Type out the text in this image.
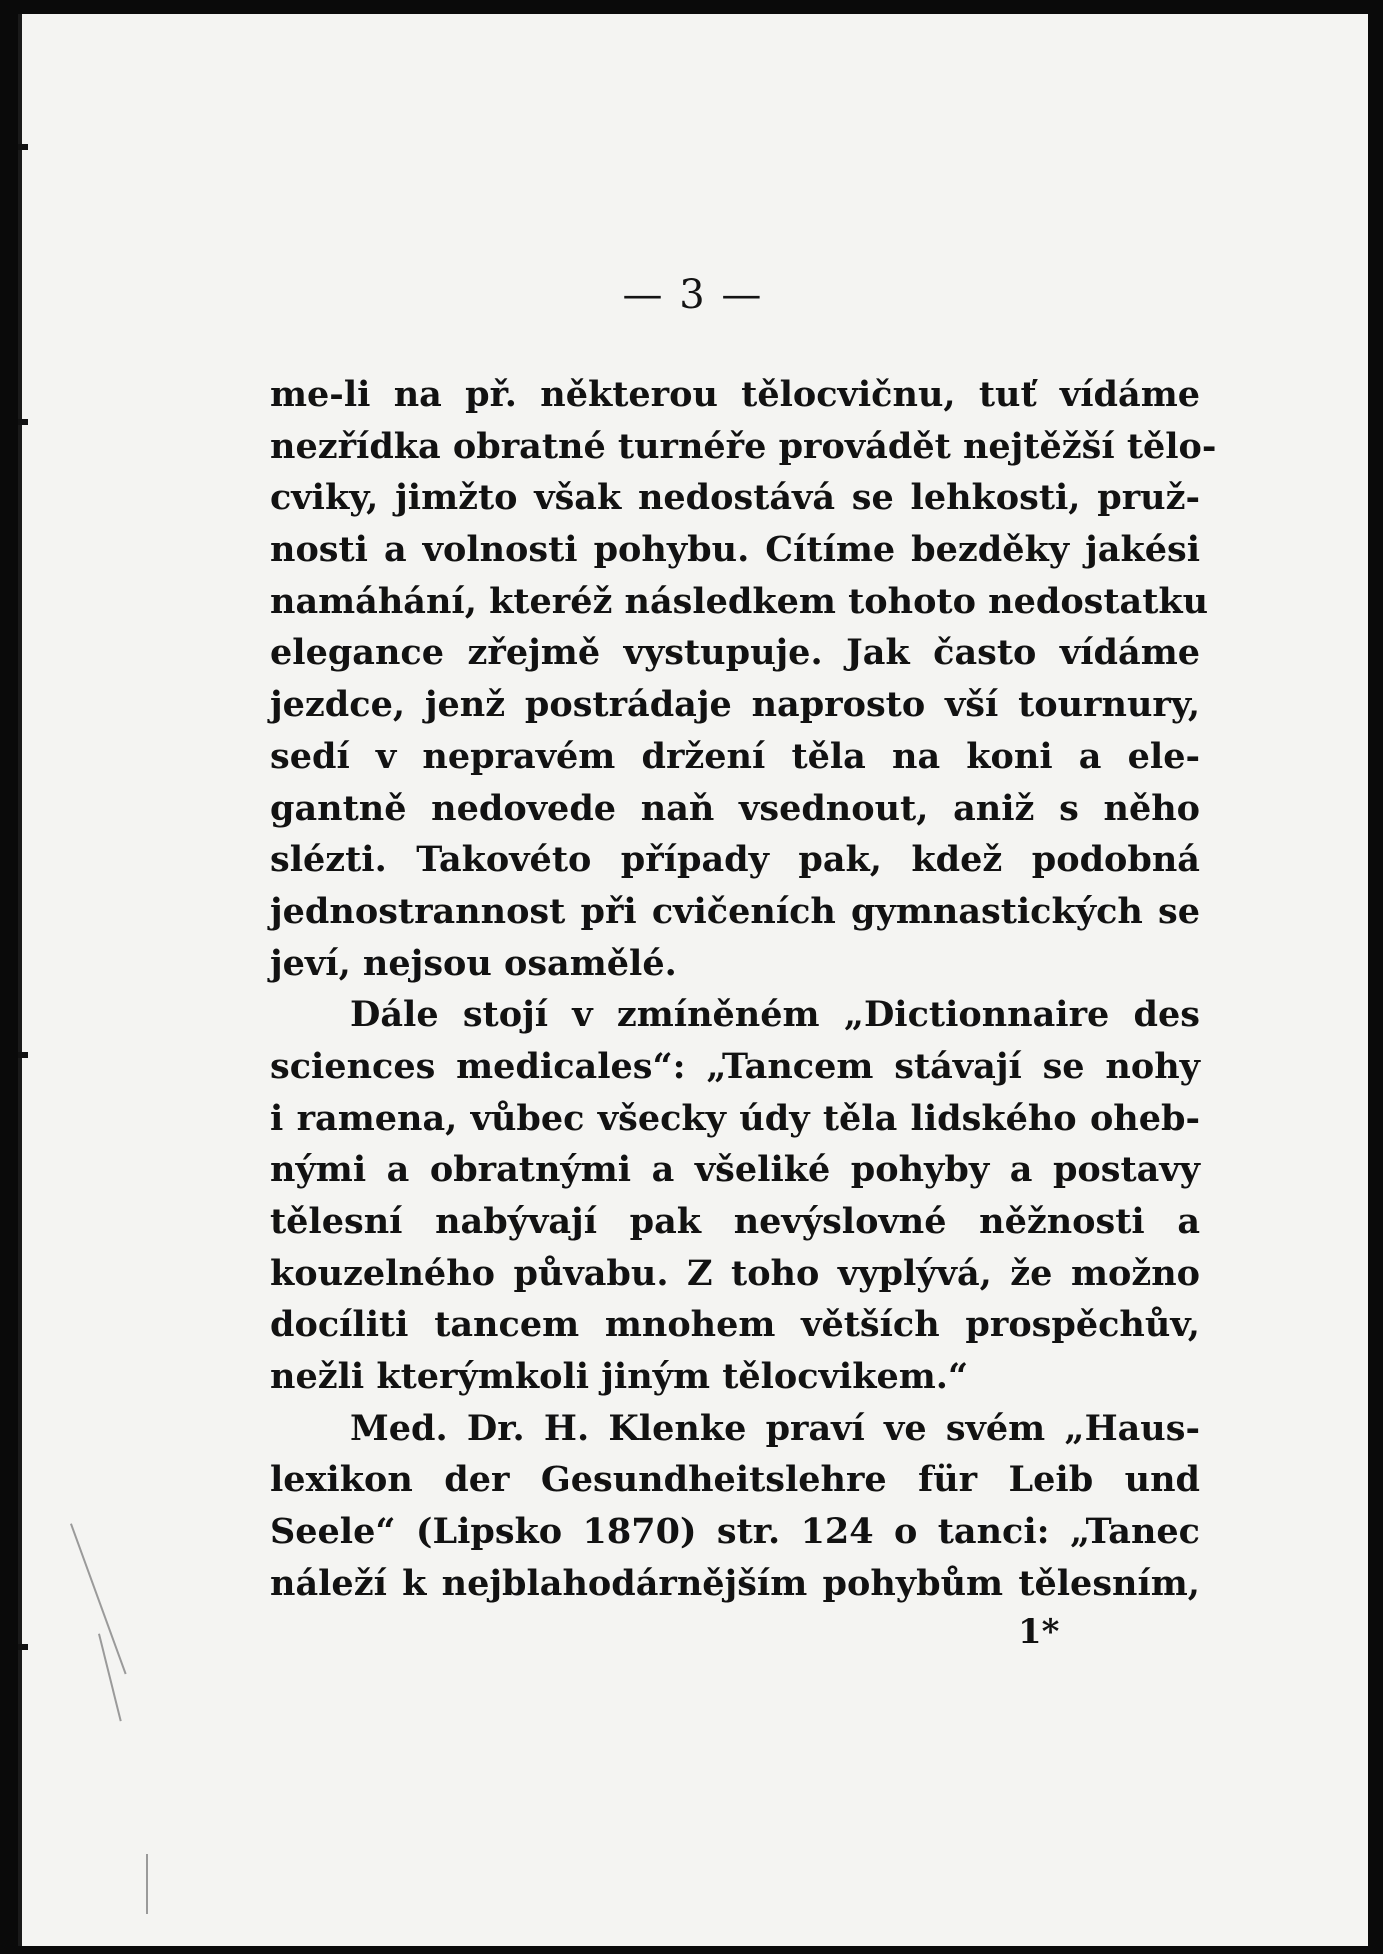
— 3 —
me-li na př. některou tělocvičnu, tuť vídáme
nezřídka obratné turnéře provádět nejtěžší tělo-
cviky, jimžto však nedostává se lehkosti, pruž-
nosti a volnosti pohybu. Cítíme bezděky jakési
namáhání, kteréž následkem tohoto nedostatku
elegance zřejmě vystupuje. Jak často vídáme
jezdce, jenž postrádaje naprosto vší tournury,
sedí v nepravém držení těla na koni a ele-
gantně nedovede naň vsednout, aniž s něho
slézti. Takovéto případy pak, kdež podobná
jednostrannost při cvičeních gymnastických se
jeví, nejsou osamělé.
Dále stojí v zmíněném „Dictionnaire des
sciences medicales“: „Tancem stávají se nohy
i ramena, vůbec všecky údy těla lidského oheb-
nými a obratnými a všeliké pohyby a postavy
tělesní nabývají pak nevýslovné něžnosti a
kouzelného půvabu. Z toho vyplývá, že možno
docíliti tancem mnohem větších prospěchův,
nežli kterýmkoli jiným tělocvikem.“
Med. Dr. H. Klenke praví ve svém „Haus-
lexikon der Gesundheitslehre für Leib und
Seele“ (Lipsko 1870) str. 124 o tanci: „Tanec
náleží k nejblahodárnějším pohybům tělesním,
1*
